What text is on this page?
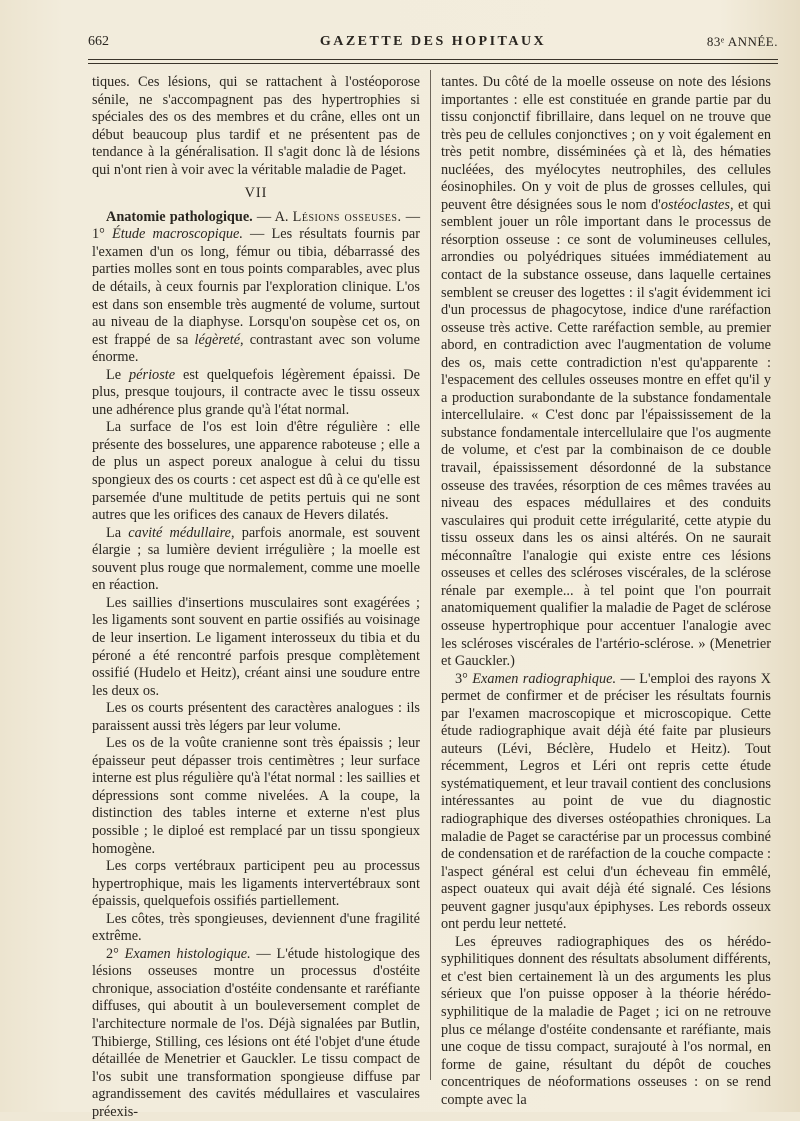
662	GAZETTE DES HOPITAUX	83ᵉ ANNÉE.

tiques. Ces lésions, qui se rattachent à l'ostéoporose sénile, ne s'accompagnent pas des hypertrophies si spéciales des os des membres et du crâne, elles ont un début beaucoup plus tardif et ne présentent pas de tendance à la généralisation. Il s'agit donc là de lésions qui n'ont rien à voir avec la véritable maladie de Paget.

VII

Anatomie pathologique. — A. Lésions osseuses. — 1° Étude macroscopique. — Les résultats fournis par l'examen d'un os long, fémur ou tibia, débarrassé des parties molles sont en tous points comparables, avec plus de détails, à ceux fournis par l'exploration clinique. L'os est dans son ensemble très augmenté de volume, surtout au niveau de la diaphyse. Lorsqu'on soupèse cet os, on est frappé de sa légèreté, contrastant avec son volume énorme.

Le périoste est quelquefois légèrement épaissi. De plus, presque toujours, il contracte avec le tissu osseux une adhérence plus grande qu'à l'état normal.

La surface de l'os est loin d'être régulière : elle présente des bosselures, une apparence raboteuse ; elle a de plus un aspect poreux analogue à celui du tissu spongieux des os courts : cet aspect est dû à ce qu'elle est parsemée d'une multitude de petits pertuis qui ne sont autres que les orifices des canaux de Hevers dilatés.

La cavité médullaire, parfois anormale, est souvent élargie ; sa lumière devient irrégulière ; la moelle est souvent plus rouge que normalement, comme une moelle en réaction.

Les saillies d'insertions musculaires sont exagérées ; les ligaments sont souvent en partie ossifiés au voisinage de leur insertion. Le ligament interosseux du tibia et du péroné a été rencontré parfois presque complètement ossifié (Hudelo et Heitz), créant ainsi une soudure entre les deux os.

Les os courts présentent des caractères analogues : ils paraissent aussi très légers par leur volume.

Les os de la voûte cranienne sont très épaissis ; leur épaisseur peut dépasser trois centimètres ; leur surface interne est plus régulière qu'à l'état normal : les saillies et dépressions sont comme nivelées. A la coupe, la distinction des tables interne et externe n'est plus possible ; le diploé est remplacé par un tissu spongieux homogène.

Les corps vertébraux participent peu au processus hypertrophique, mais les ligaments intervertébraux sont épaissis, quelquefois ossifiés partiellement.

Les côtes, très spongieuses, deviennent d'une fragilité extrême.

2° Examen histologique. — L'étude histologique des lésions osseuses montre un processus d'ostéite chronique, association d'ostéite condensante et raréfiante diffuses, qui aboutit à un bouleversement complet de l'architecture normale de l'os. Déjà signalées par Butlin, Thibierge, Stilling, ces lésions ont été l'objet d'une étude détaillée de Menetrier et Gauckler. Le tissu compact de l'os subit une transformation spongieuse diffuse par agrandissement des cavités médullaires et vasculaires préexis-

tantes. Du côté de la moelle osseuse on note des lésions importantes : elle est constituée en grande partie par du tissu conjonctif fibrillaire, dans lequel on ne trouve que très peu de cellules conjonctives ; on y voit également en très petit nombre, disséminées çà et là, des hématies nucléées, des myélocytes neutrophiles, des cellules éosinophiles. On y voit de plus de grosses cellules, qui peuvent être désignées sous le nom d'ostéoclastes, et qui semblent jouer un rôle important dans le processus de résorption osseuse : ce sont de volumineuses cellules, arrondies ou polyédriques situées immédiatement au contact de la substance osseuse, dans laquelle certaines semblent se creuser des logettes : il s'agit évidemment ici d'un processus de phagocytose, indice d'une raréfaction osseuse très active. Cette raréfaction semble, au premier abord, en contradiction avec l'augmentation de volume des os, mais cette contradiction n'est qu'apparente : l'espacement des cellules osseuses montre en effet qu'il y a production surabondante de la substance fondamentale intercellulaire. « C'est donc par l'épaississement de la substance fondamentale intercellulaire que l'os augmente de volume, et c'est par la combinaison de ce double travail, épaississement désordonné de la substance osseuse des travées, résorption de ces mêmes travées au niveau des espaces médullaires et des conduits vasculaires qui produit cette irrégularité, cette atypie du tissu osseux dans les os ainsi altérés. On ne saurait méconnaître l'analogie qui existe entre ces lésions osseuses et celles des scléroses viscérales, de la sclérose rénale par exemple... à tel point que l'on pourrait anatomiquement qualifier la maladie de Paget de sclérose osseuse hypertrophique pour accentuer l'analogie avec les scléroses viscérales de l'artério-sclérose. » (Menetrier et Gauckler.)

3° Examen radiographique. — L'emploi des rayons X permet de confirmer et de préciser les résultats fournis par l'examen macroscopique et microscopique. Cette étude radiographique avait déjà été faite par plusieurs auteurs (Lévi, Béclère, Hudelo et Heitz). Tout récemment, Legros et Léri ont repris cette étude systématiquement, et leur travail contient des conclusions intéressantes au point de vue du diagnostic radiographique des diverses ostéopathies chroniques. La maladie de Paget se caractérise par un processus combiné de condensation et de raréfaction de la couche compacte : l'aspect général est celui d'un écheveau fin emmêlé, aspect ouateux qui avait déjà été signalé. Ces lésions peuvent gagner jusqu'aux épiphyses. Les rebords osseux ont perdu leur netteté.

Les épreuves radiographiques des os hérédo-syphilitiques donnent des résultats absolument différents, et c'est bien certainement là un des arguments les plus sérieux que l'on puisse opposer à la théorie hérédo-syphilitique de la maladie de Paget ; ici on ne retrouve plus ce mélange d'ostéite condensante et raréfiante, mais une coque de tissu compact, surajouté à l'os normal, en forme de gaine, résultant du dépôt de couches concentriques de néoformations osseuses : on se rend compte avec la
